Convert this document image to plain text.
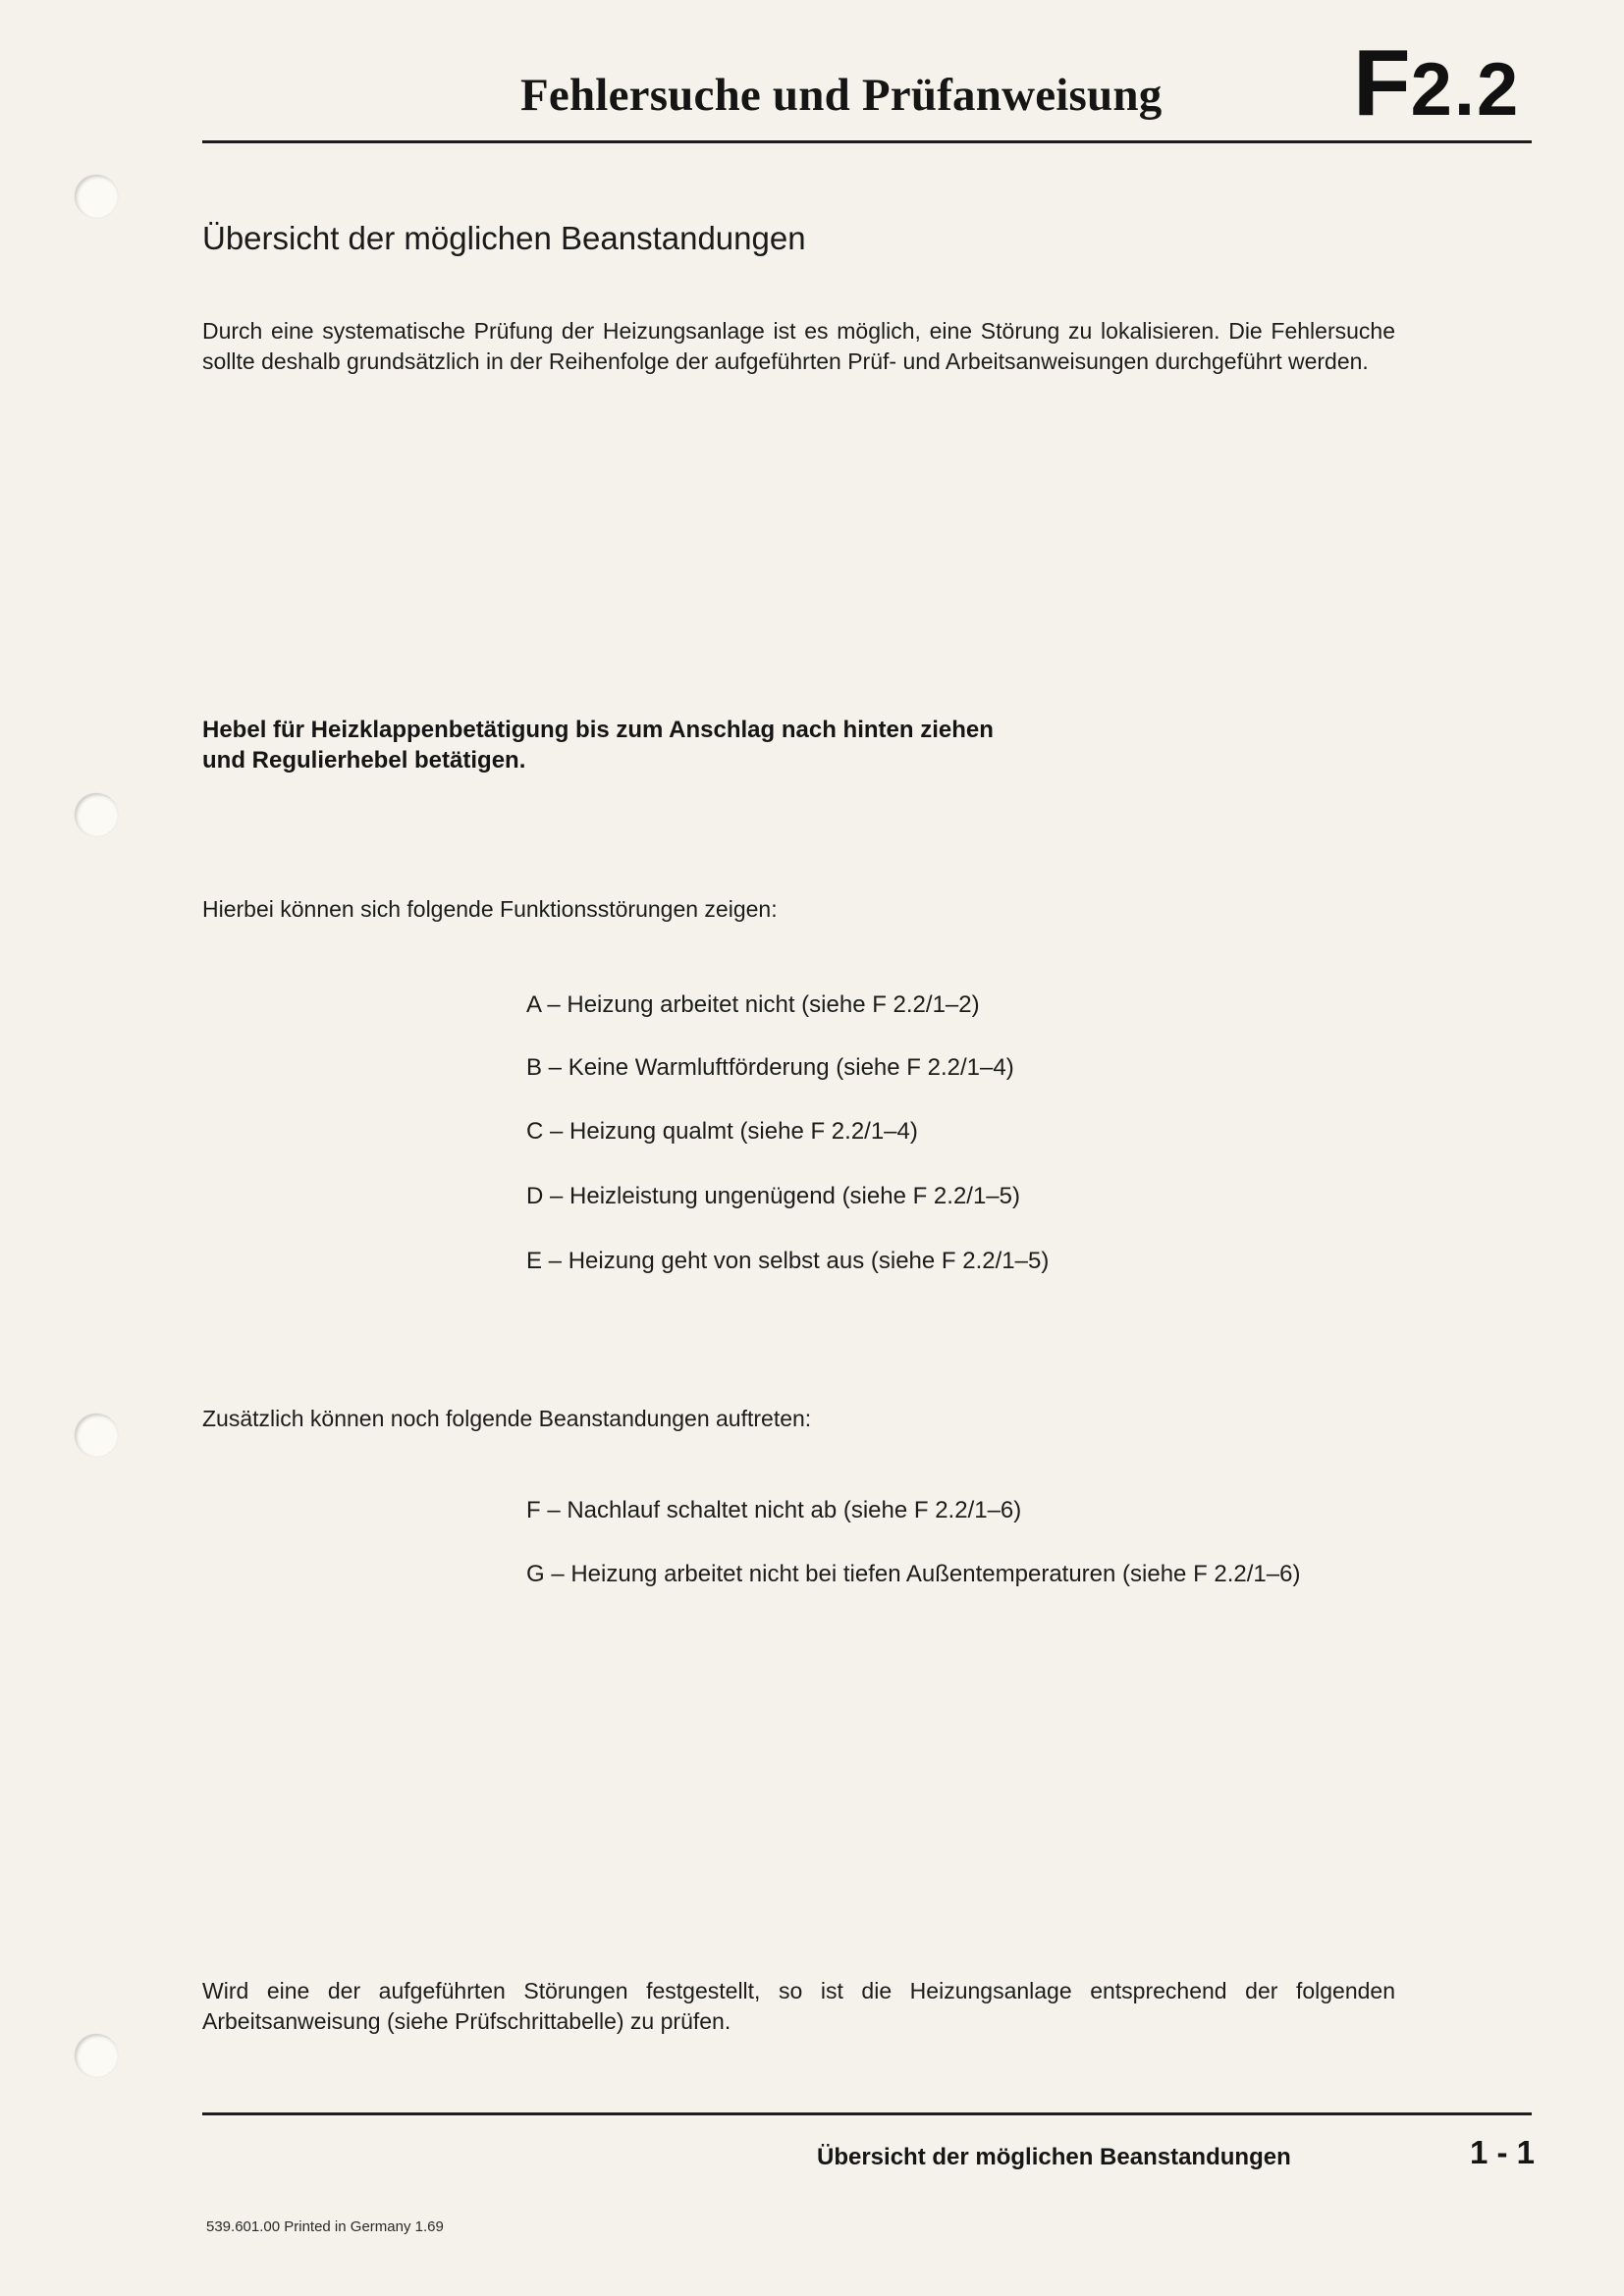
Fehlersuche und Prüfanweisung F2.2
Übersicht der möglichen Beanstandungen
Durch eine systematische Prüfung der Heizungsanlage ist es möglich, eine Störung zu lokalisieren. Die Fehlersuche sollte deshalb grundsätzlich in der Reihenfolge der aufgeführten Prüf- und Arbeitsanweisungen durchgeführt werden.
Hebel für Heizklappenbetätigung bis zum Anschlag nach hinten ziehen
und Regulierhebel betätigen.
Hierbei können sich folgende Funktionsstörungen zeigen:
A – Heizung arbeitet nicht (siehe F 2.2/1–2)
B – Keine Warmluftförderung (siehe F 2.2/1–4)
C – Heizung qualmt (siehe F 2.2/1–4)
D – Heizleistung ungenügend (siehe F 2.2/1–5)
E – Heizung geht von selbst aus (siehe F 2.2/1–5)
Zusätzlich können noch folgende Beanstandungen auftreten:
F – Nachlauf schaltet nicht ab (siehe F 2.2/1–6)
G – Heizung arbeitet nicht bei tiefen Außentemperaturen (siehe F 2.2/1–6)
Wird eine der aufgeführten Störungen festgestellt, so ist die Heizungsanlage entsprechend der folgenden Arbeitsanweisung (siehe Prüfschrittabelle) zu prüfen.
Übersicht der möglichen Beanstandungen	1 - 1
539.601.00 Printed in Germany 1.69
